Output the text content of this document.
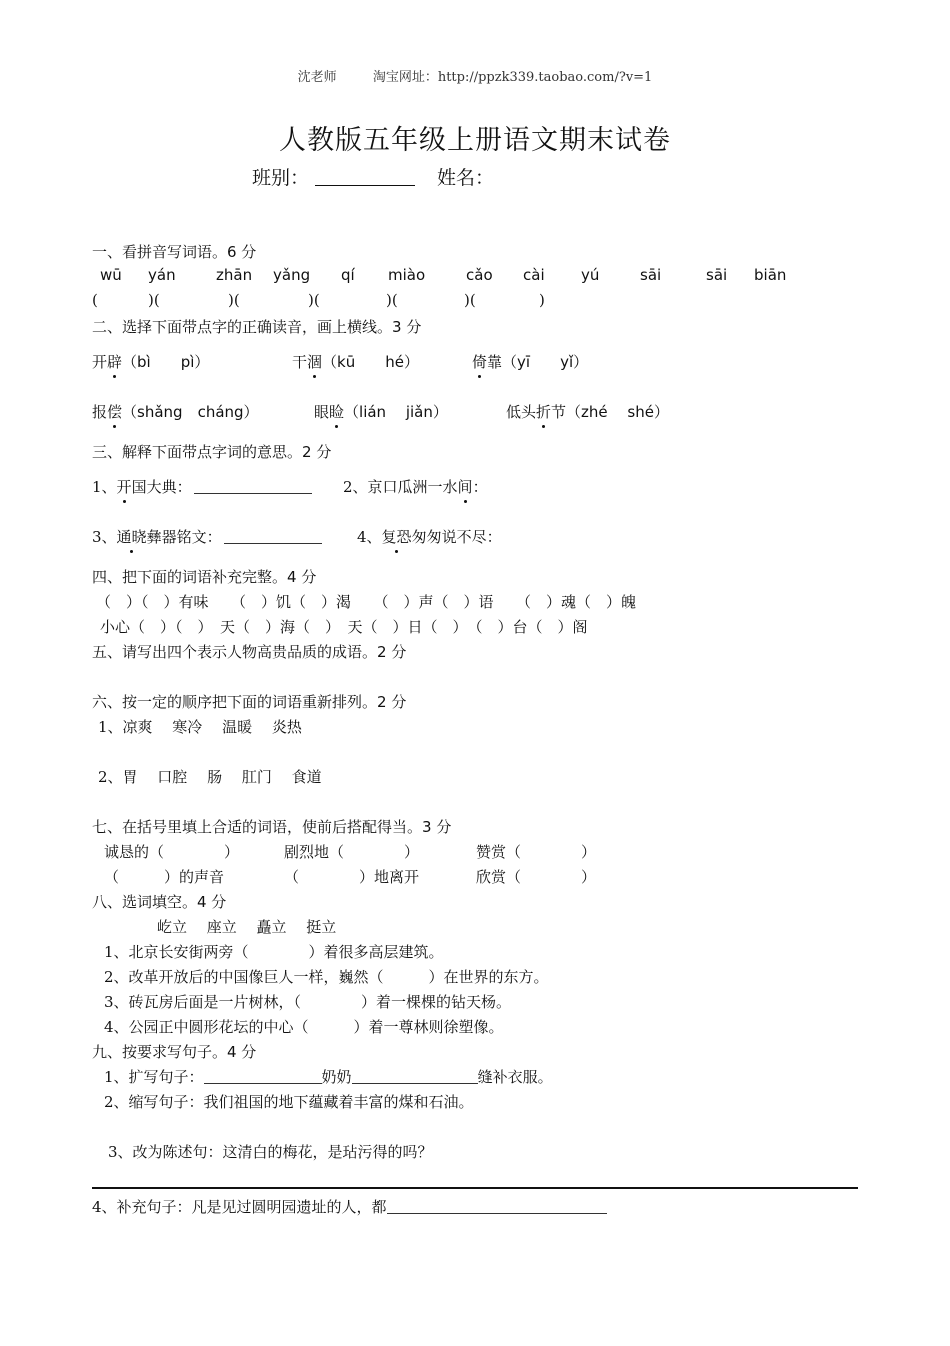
沈老师	淘宝网址：http://ppzk339.taobao.com/?v=1
人教版五年级上册语文期末试卷
班别：	姓名：
一、看拼音写词语。6 分
wū yán	zhān yǎng qí miào	cǎo cài yú	sāi	sāi biān
(	)(	)(	)(	)(	)(	)
二、选择下面带点字的正确读音，画上横线。3 分
开辟（bì　　pì）	干涸（kū　　hé）	倚靠（yī　　yǐ）
报偿（shǎng　cháng）	眼睑（lián　 jiǎn）	低头折节（zhé　 shé）
三、解释下面带点字词的意思。2 分
1、开国大典：	2、京口瓜洲一水间：
3、通晓彝器铭文：	4、复恐匆匆说不尽：
四、把下面的词语补充完整。4 分
（　）（　）有味　　（　）饥（　）渴　　（　）声（　）语　　（　）魂（　）魄
小心（　）（　）　天（　）海（　）　天（　）日（　）　（　）台（　）阁
五、请写出四个表示人物高贵品质的成语。2 分
六、按一定的顺序把下面的词语重新排列。2 分
1、凉爽　 寒冷　 温暖　 炎热
2、胃　 口腔　 肠　 肛门　 食道
七、在括号里填上合适的词语，使前后搭配得当。3 分
诚恳的（　　　　）	剧烈地（　　　　）	赞赏（　　　　）
（　　　）的声音	（　　　　）地离开	欣赏（　　　　）
八、选词填空。4 分
屹立　 座立　 矗立　 挺立
1、北京长安街两旁（　　　　）着很多高层建筑。
2、改革开放后的中国像巨人一样，巍然（　　　）在世界的东方。
3、砖瓦房后面是一片树林，（　　　　）着一棵棵的钻天杨。
4、公园正中圆形花坛的中心（　　　）着一尊林则徐塑像。
九、按要求写句子。4 分
1、扩写句子：	奶奶	缝补衣服。
2、缩写句子：我们祖国的地下蕴藏着丰富的煤和石油。
3、改为陈述句：这清白的梅花，是玷污得的吗？
4、补充句子：凡是见过圆明园遗址的人，都
